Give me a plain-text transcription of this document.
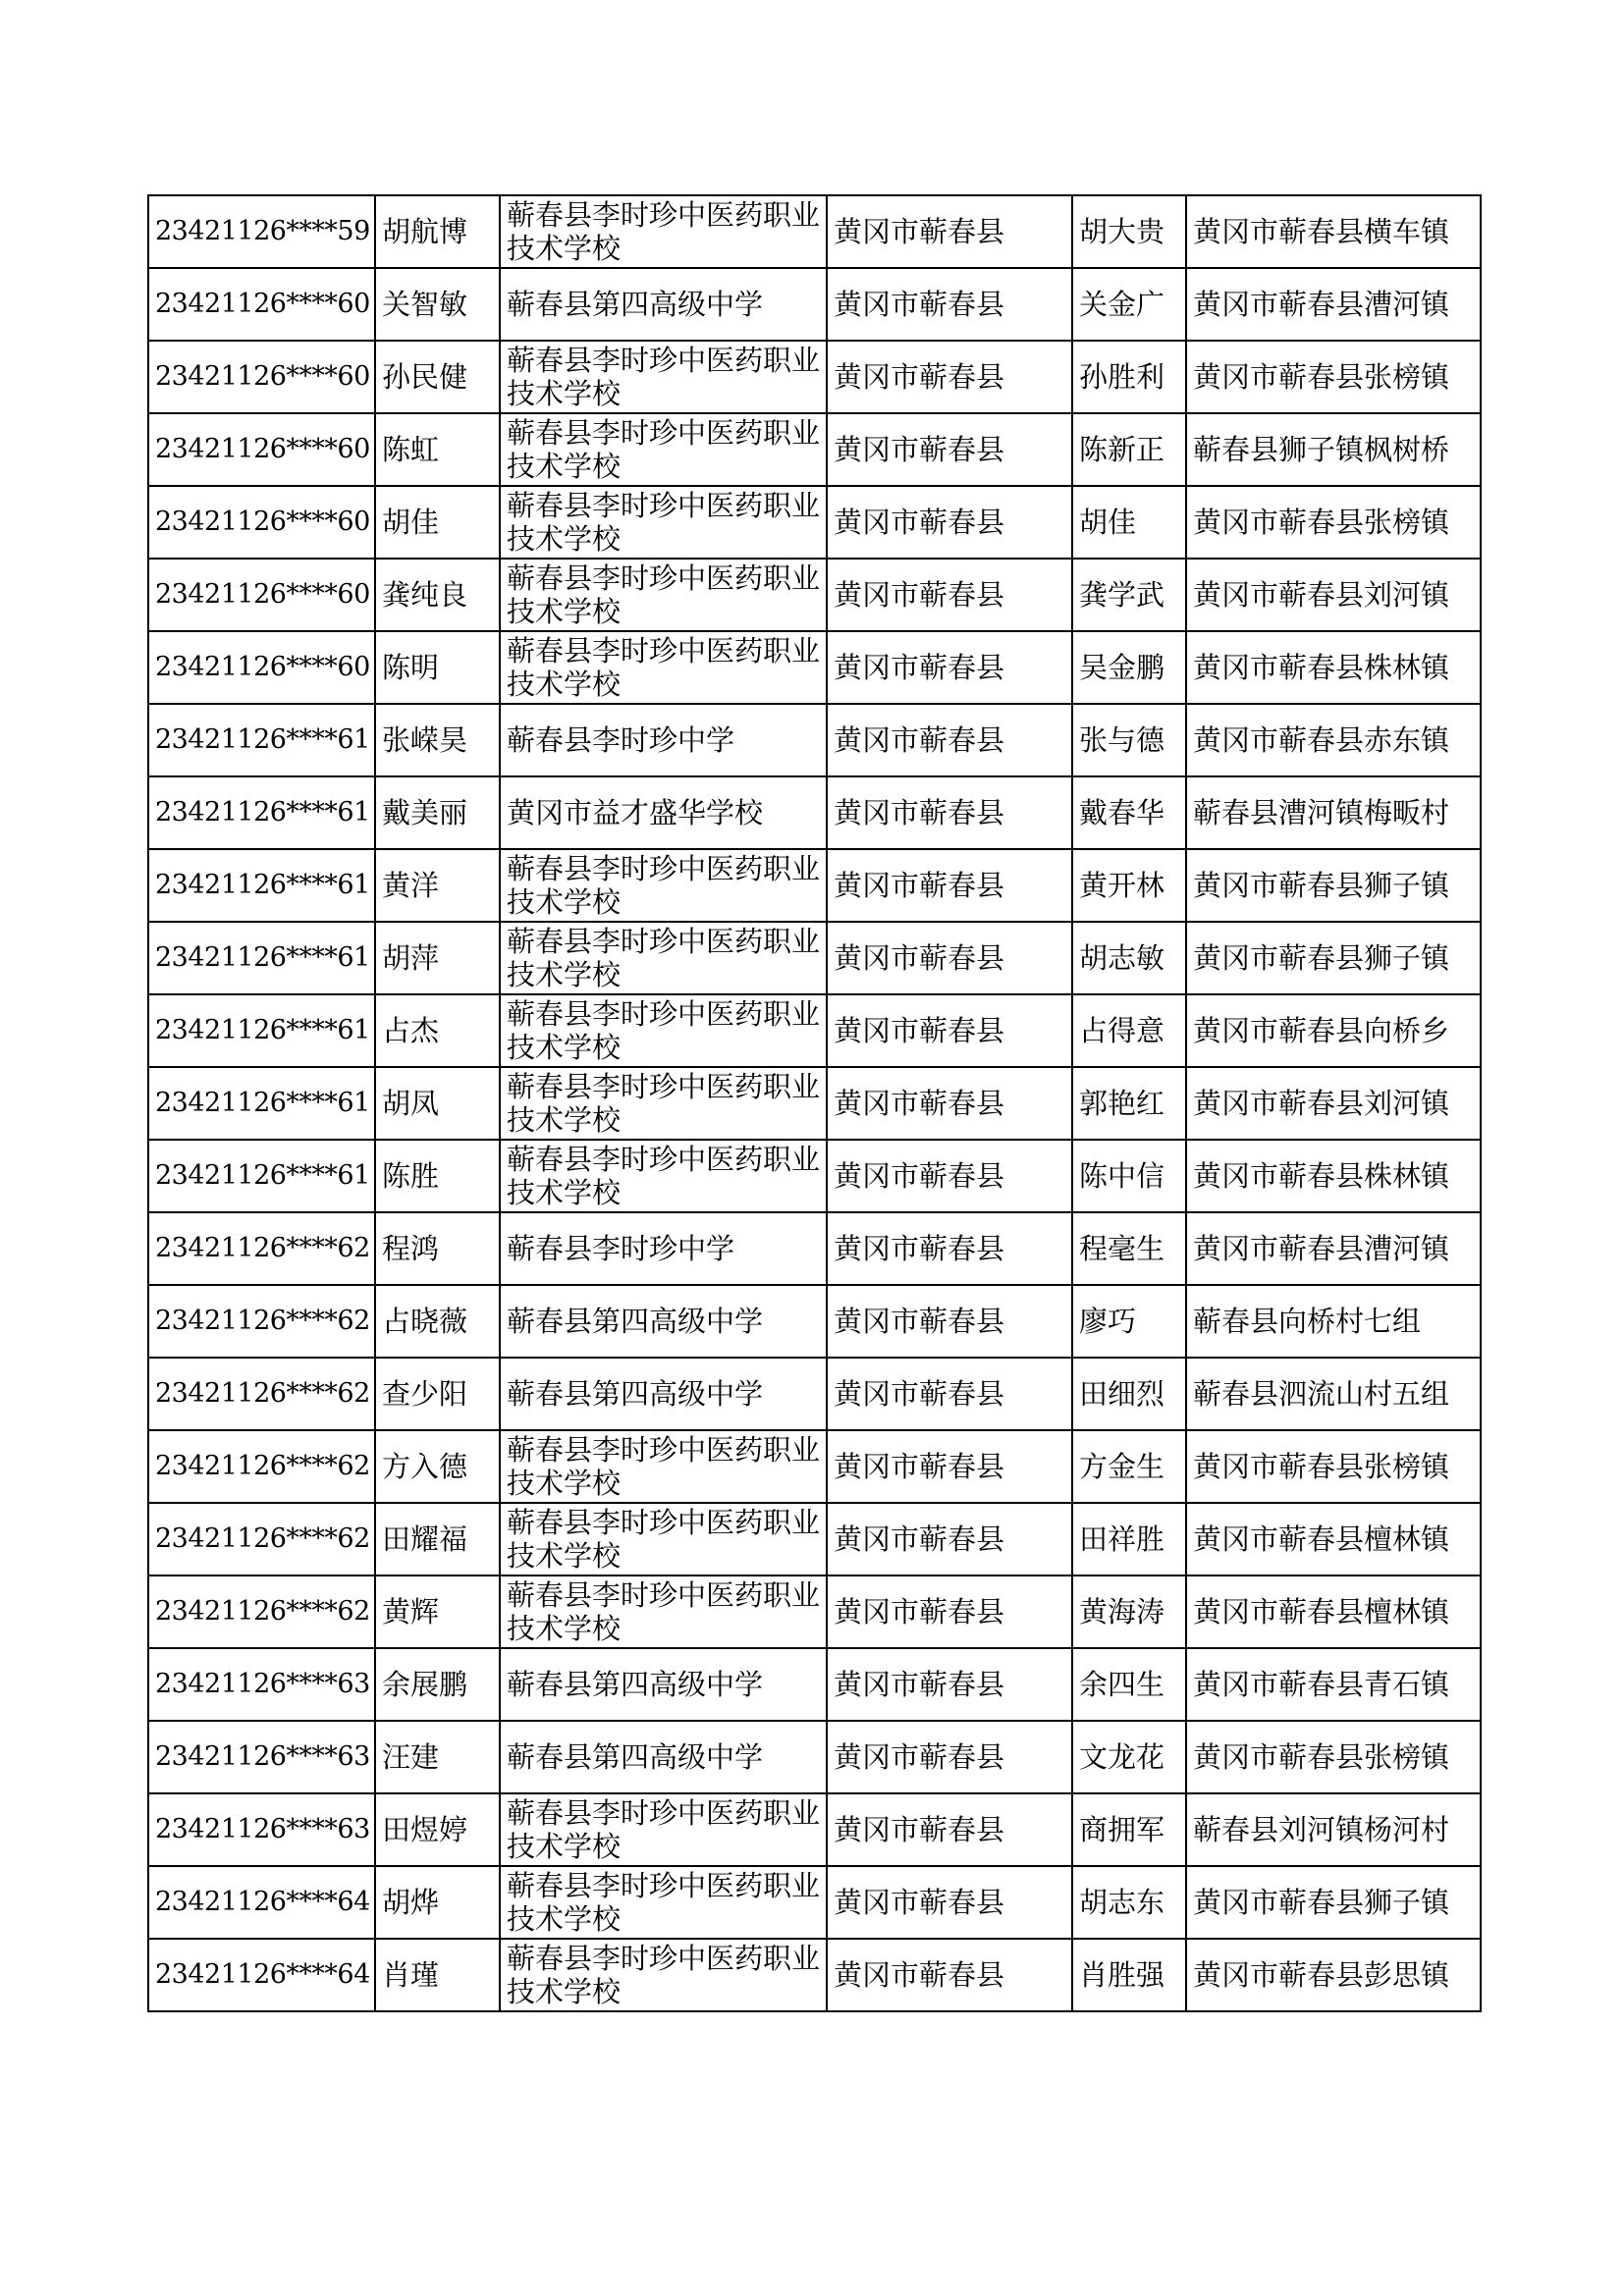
23421126****59	胡航博	蕲春县李时珍中医药职业技术学校	黄冈市蕲春县	胡大贵	黄冈市蕲春县横车镇
23421126****60	关智敏	蕲春县第四高级中学	黄冈市蕲春县	关金广	黄冈市蕲春县漕河镇
23421126****60	孙民健	蕲春县李时珍中医药职业技术学校	黄冈市蕲春县	孙胜利	黄冈市蕲春县张榜镇
23421126****60	陈虹	蕲春县李时珍中医药职业技术学校	黄冈市蕲春县	陈新正	蕲春县狮子镇枫树桥
23421126****60	胡佳	蕲春县李时珍中医药职业技术学校	黄冈市蕲春县	胡佳	黄冈市蕲春县张榜镇
23421126****60	龚纯良	蕲春县李时珍中医药职业技术学校	黄冈市蕲春县	龚学武	黄冈市蕲春县刘河镇
23421126****60	陈明	蕲春县李时珍中医药职业技术学校	黄冈市蕲春县	吴金鹏	黄冈市蕲春县株林镇
23421126****61	张嵘昊	蕲春县李时珍中学	黄冈市蕲春县	张与德	黄冈市蕲春县赤东镇
23421126****61	戴美丽	黄冈市益才盛华学校	黄冈市蕲春县	戴春华	蕲春县漕河镇梅畈村
23421126****61	黄洋	蕲春县李时珍中医药职业技术学校	黄冈市蕲春县	黄开林	黄冈市蕲春县狮子镇
23421126****61	胡萍	蕲春县李时珍中医药职业技术学校	黄冈市蕲春县	胡志敏	黄冈市蕲春县狮子镇
23421126****61	占杰	蕲春县李时珍中医药职业技术学校	黄冈市蕲春县	占得意	黄冈市蕲春县向桥乡
23421126****61	胡凤	蕲春县李时珍中医药职业技术学校	黄冈市蕲春县	郭艳红	黄冈市蕲春县刘河镇
23421126****61	陈胜	蕲春县李时珍中医药职业技术学校	黄冈市蕲春县	陈中信	黄冈市蕲春县株林镇
23421126****62	程鸿	蕲春县李时珍中学	黄冈市蕲春县	程毫生	黄冈市蕲春县漕河镇
23421126****62	占晓薇	蕲春县第四高级中学	黄冈市蕲春县	廖巧	蕲春县向桥村七组
23421126****62	查少阳	蕲春县第四高级中学	黄冈市蕲春县	田细烈	蕲春县泗流山村五组
23421126****62	方入德	蕲春县李时珍中医药职业技术学校	黄冈市蕲春县	方金生	黄冈市蕲春县张榜镇
23421126****62	田耀福	蕲春县李时珍中医药职业技术学校	黄冈市蕲春县	田祥胜	黄冈市蕲春县檀林镇
23421126****62	黄辉	蕲春县李时珍中医药职业技术学校	黄冈市蕲春县	黄海涛	黄冈市蕲春县檀林镇
23421126****63	余展鹏	蕲春县第四高级中学	黄冈市蕲春县	余四生	黄冈市蕲春县青石镇
23421126****63	汪建	蕲春县第四高级中学	黄冈市蕲春县	文龙花	黄冈市蕲春县张榜镇
23421126****63	田煜婷	蕲春县李时珍中医药职业技术学校	黄冈市蕲春县	商拥军	蕲春县刘河镇杨河村
23421126****64	胡烨	蕲春县李时珍中医药职业技术学校	黄冈市蕲春县	胡志东	黄冈市蕲春县狮子镇
23421126****64	肖瑾	蕲春县李时珍中医药职业技术学校	黄冈市蕲春县	肖胜强	黄冈市蕲春县彭思镇
